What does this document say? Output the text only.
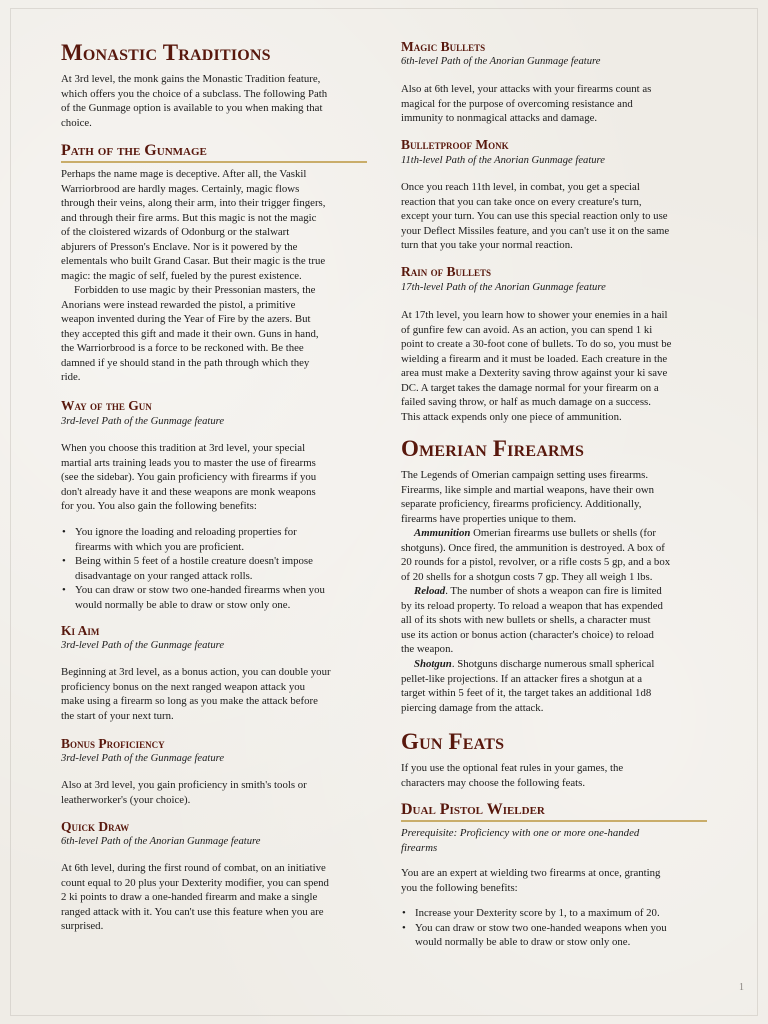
Monastic Traditions
At 3rd level, the monk gains the Monastic Tradition feature,
which offers you the choice of a subclass. The following Path
of the Gunmage option is available to you when making that
choice.
Path of the Gunmage
Perhaps the name mage is deceptive. After all, the Vaskil
Warriorbrood are hardly mages. Certainly, magic flows
through their veins, along their arm, into their trigger fingers,
and through their fire arms. But this magic is not the magic
of the cloistered wizards of Odonburg or the stalwart
abjurers of Presson's Enclave. Nor is it powered by the
elementals who built Grand Casar. But their magic is the true
magic: the magic of self, fueled by the purest existence.
Forbidden to use magic by their Pressonian masters, the
Anorians were instead rewarded the pistol, a primitive
weapon invented during the Year of Fire by the azers. But
they accepted this gift and made it their own. Guns in hand,
the Warriorbrood is a force to be reckoned with. Be thee
damned if ye should stand in the path through which they
ride.
Way of the Gun
3rd-level Path of the Gunmage feature
When you choose this tradition at 3rd level, your special
martial arts training leads you to master the use of firearms
(see the sidebar). You gain proficiency with firearms if you
don't already have it and these weapons are monk weapons
for you. You also gain the following benefits:
• You ignore the loading and reloading properties for
firearms with which you are proficient.
• Being within 5 feet of a hostile creature doesn't impose
disadvantage on your ranged attack rolls.
• You can draw or stow two one-handed firearms when you
would normally be able to draw or stow only one.
Ki Aim
3rd-level Path of the Gunmage feature
Beginning at 3rd level, as a bonus action, you can double your
proficiency bonus on the next ranged weapon attack you
make using a firearm so long as you make the attack before
the start of your next turn.
Bonus Proficiency
3rd-level Path of the Gunmage feature
Also at 3rd level, you gain proficiency in smith's tools or
leatherworker's (your choice).
Quick Draw
6th-level Path of the Anorian Gunmage feature
At 6th level, during the first round of combat, on an initiative
count equal to 20 plus your Dexterity modifier, you can spend
2 ki points to draw a one-handed firearm and make a single
ranged attack with it. You can't use this feature when you are
surprised.
Magic Bullets
6th-level Path of the Anorian Gunmage feature
Also at 6th level, your attacks with your firearms count as
magical for the purpose of overcoming resistance and
immunity to nonmagical attacks and damage.
Bulletproof Monk
11th-level Path of the Anorian Gunmage feature
Once you reach 11th level, in combat, you get a special
reaction that you can take once on every creature's turn,
except your turn. You can use this special reaction only to use
your Deflect Missiles feature, and you can't use it on the same
turn that you take your normal reaction.
Rain of Bullets
17th-level Path of the Anorian Gunmage feature
At 17th level, you learn how to shower your enemies in a hail
of gunfire few can avoid. As an action, you can spend 1 ki
point to create a 30-foot cone of bullets. To do so, you must be
wielding a firearm and it must be loaded. Each creature in the
area must make a Dexterity saving throw against your ki save
DC. A target takes the damage normal for your firearm on a
failed saving throw, or half as much damage on a success.
This attack expends only one piece of ammunition.
Omerian Firearms
The Legends of Omerian campaign setting uses firearms.
Firearms, like simple and martial weapons, have their own
separate proficiency, firearms proficiency. Additionally,
firearms have properties unique to them.
Ammunition Omerian firearms use bullets or shells (for
shotguns). Once fired, the ammunition is destroyed. A box of
20 rounds for a pistol, revolver, or a rifle costs 5 gp, and a box
of 20 shells for a shotgun costs 7 gp. They all weigh 1 lbs.
Reload. The number of shots a weapon can fire is limited
by its reload property. To reload a weapon that has expended
all of its shots with new bullets or shells, a character must
use its action or bonus action (character's choice) to reload
the weapon.
Shotgun. Shotguns discharge numerous small spherical
pellet-like projections. If an attacker fires a shotgun at a
target within 5 feet of it, the target takes an additional 1d8
piercing damage from the attack.
Gun Feats
If you use the optional feat rules in your games, the
characters may choose the following feats.
Dual Pistol Wielder
Prerequisite: Proficiency with one or more one-handed
firearms
You are an expert at wielding two firearms at once, granting
you the following benefits:
• Increase your Dexterity score by 1, to a maximum of 20.
• You can draw or stow two one-handed weapons when you
would normally be able to draw or stow only one.
1
